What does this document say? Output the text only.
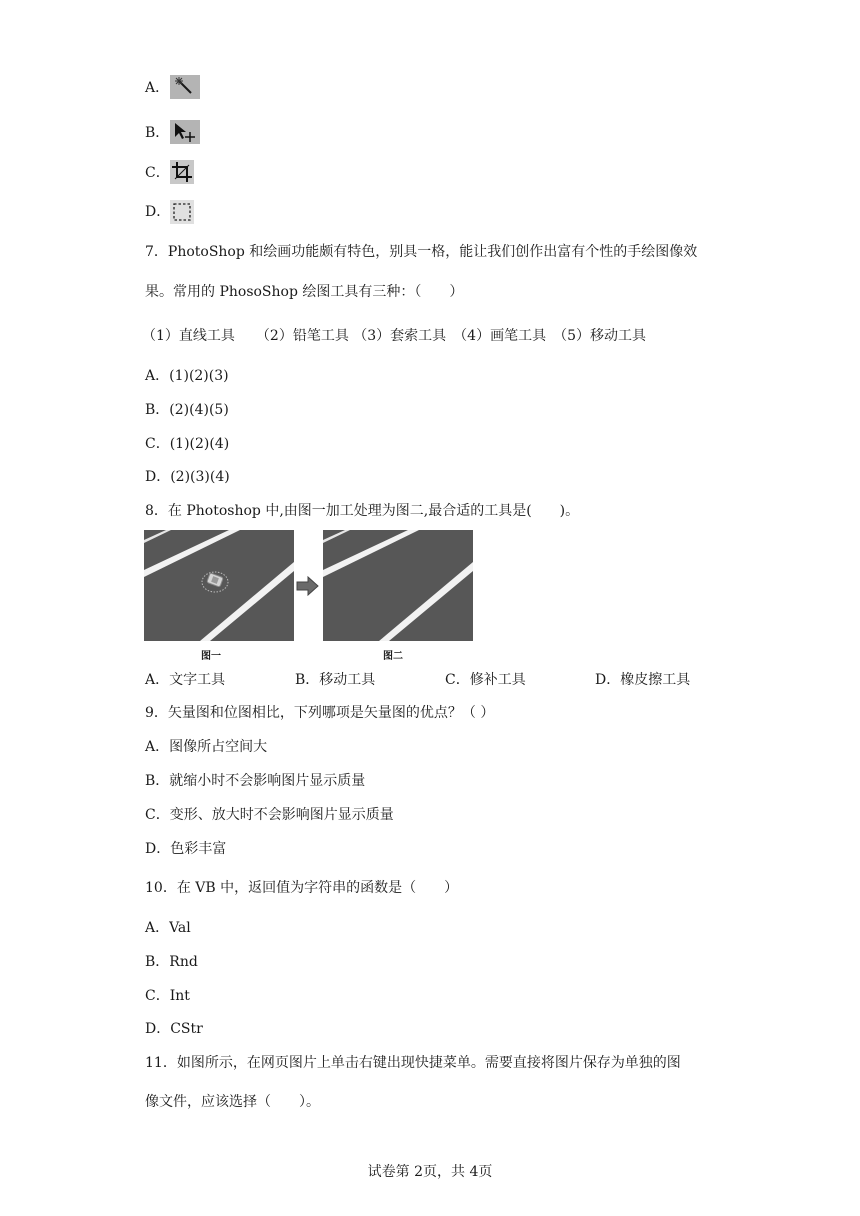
A．
B．
C．
D．
7．PhotoShop 和绘画功能颇有特色，别具一格，能让我们创作出富有个性的手绘图像效
果。常用的 PhosoShop 绘图工具有三种：（　　）
（1）直线工具　　（2）铅笔工具 （3）套索工具　（4）画笔工具　（5）移动工具
A．(1)(2)(3)
B．(2)(4)(5)
C．(1)(2)(4)
D．(2)(3)(4)
8．在 Photoshop 中,由图一加工处理为图二,最合适的工具是(　　)。
图一	图二
A．文字工具	B．移动工具	C．修补工具	D．橡皮擦工具
9．矢量图和位图相比，下列哪项是矢量图的优点？（ ）
A．图像所占空间大
B．就缩小时不会影响图片显示质量
C．变形、放大时不会影响图片显示质量
D．色彩丰富
10．在 VB 中，返回值为字符串的函数是（　　）
A．Val
B．Rnd
C．Int
D．CStr
11．如图所示，在网页图片上单击右键出现快捷菜单。需要直接将图片保存为单独的图
像文件，应该选择（　　）。
试卷第 2页，共 4页
